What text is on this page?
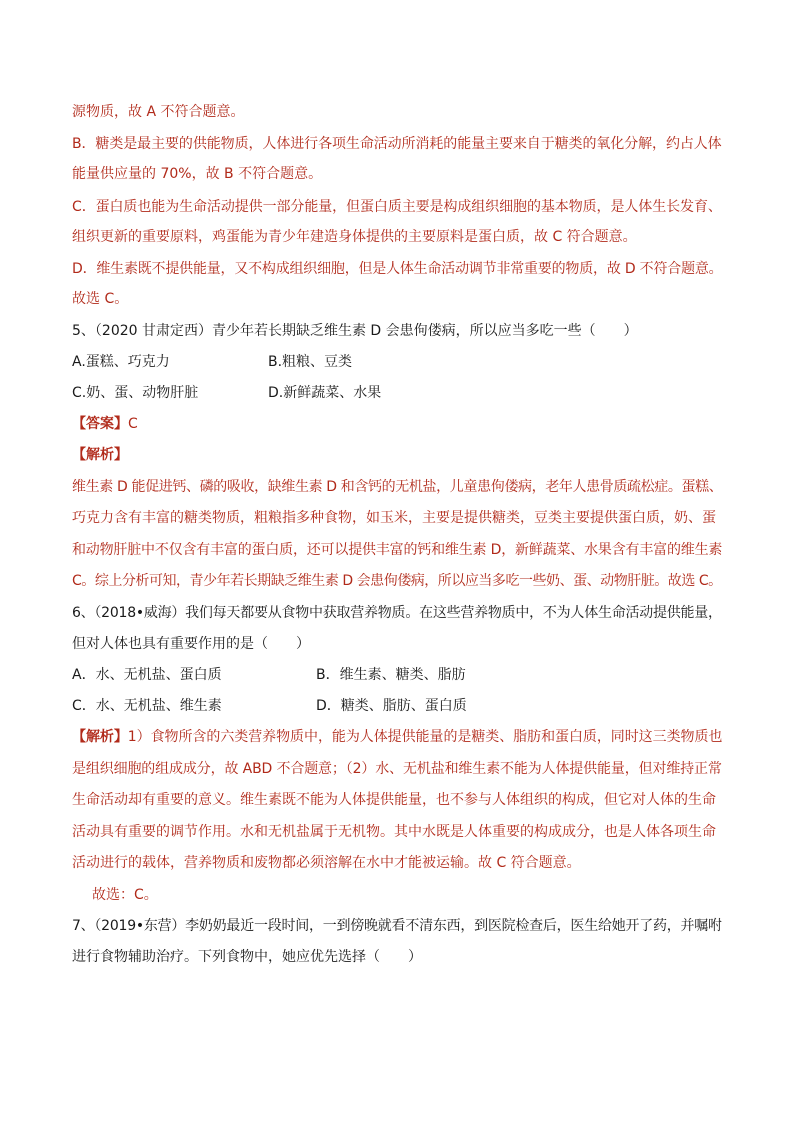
源物质，故 A 不符合题意。
B．糖类是最主要的供能物质，人体进行各项生命活动所消耗的能量主要来自于糖类的氧化分解，约占人体
能量供应量的 70%，故 B 不符合题意。
C．蛋白质也能为生命活动提供一部分能量，但蛋白质主要是构成组织细胞的基本物质，是人体生长发育、
组织更新的重要原料，鸡蛋能为青少年建造身体提供的主要原料是蛋白质，故 C 符合题意。
D．维生素既不提供能量，又不构成组织细胞，但是人体生命活动调节非常重要的物质，故 D 不符合题意。
故选 C。
5、（2020 甘肃定西）青少年若长期缺乏维生素 D 会患佝偻病，所以应当多吃一些（　　）
A.蛋糕、巧克力	B.粗粮、豆类
C.奶、蛋、动物肝脏	D.新鲜蔬菜、水果
【答案】C
【解析】
维生素 D 能促进钙、磷的吸收，缺维生素 D 和含钙的无机盐，儿童患佝偻病，老年人患骨质疏松症。蛋糕、
巧克力含有丰富的糖类物质，粗粮指多种食物，如玉米，主要是提供糖类，豆类主要提供蛋白质，奶、蛋
和动物肝脏中不仅含有丰富的蛋白质，还可以提供丰富的钙和维生素 D，新鲜蔬菜、水果含有丰富的维生素
C。综上分析可知，青少年若长期缺乏维生素 D 会患佝偻病，所以应当多吃一些奶、蛋、动物肝脏。故选 C。
6、（2018•威海）我们每天都要从食物中获取营养物质。在这些营养物质中，不为人体生命活动提供能量，
但对人体也具有重要作用的是（　　）
A．水、无机盐、蛋白质	B．维生素、糖类、脂肪
C．水、无机盐、维生素	D．糖类、脂肪、蛋白质
【解析】1）食物所含的六类营养物质中，能为人体提供能量的是糖类、脂肪和蛋白质，同时这三类物质也
是组织细胞的组成成分，故 ABD 不合题意；（2）水、无机盐和维生素不能为人体提供能量，但对维持正常
生命活动却有重要的意义。维生素既不能为人体提供能量，也不参与人体组织的构成，但它对人体的生命
活动具有重要的调节作用。水和无机盐属于无机物。其中水既是人体重要的构成成分，也是人体各项生命
活动进行的载体，营养物质和废物都必须溶解在水中才能被运输。故 C 符合题意。
故选：C。
7、（2019•东营）李奶奶最近一段时间，一到傍晚就看不清东西，到医院检查后，医生给她开了药，并嘱咐
进行食物辅助治疗。下列食物中，她应优先选择（　　）
